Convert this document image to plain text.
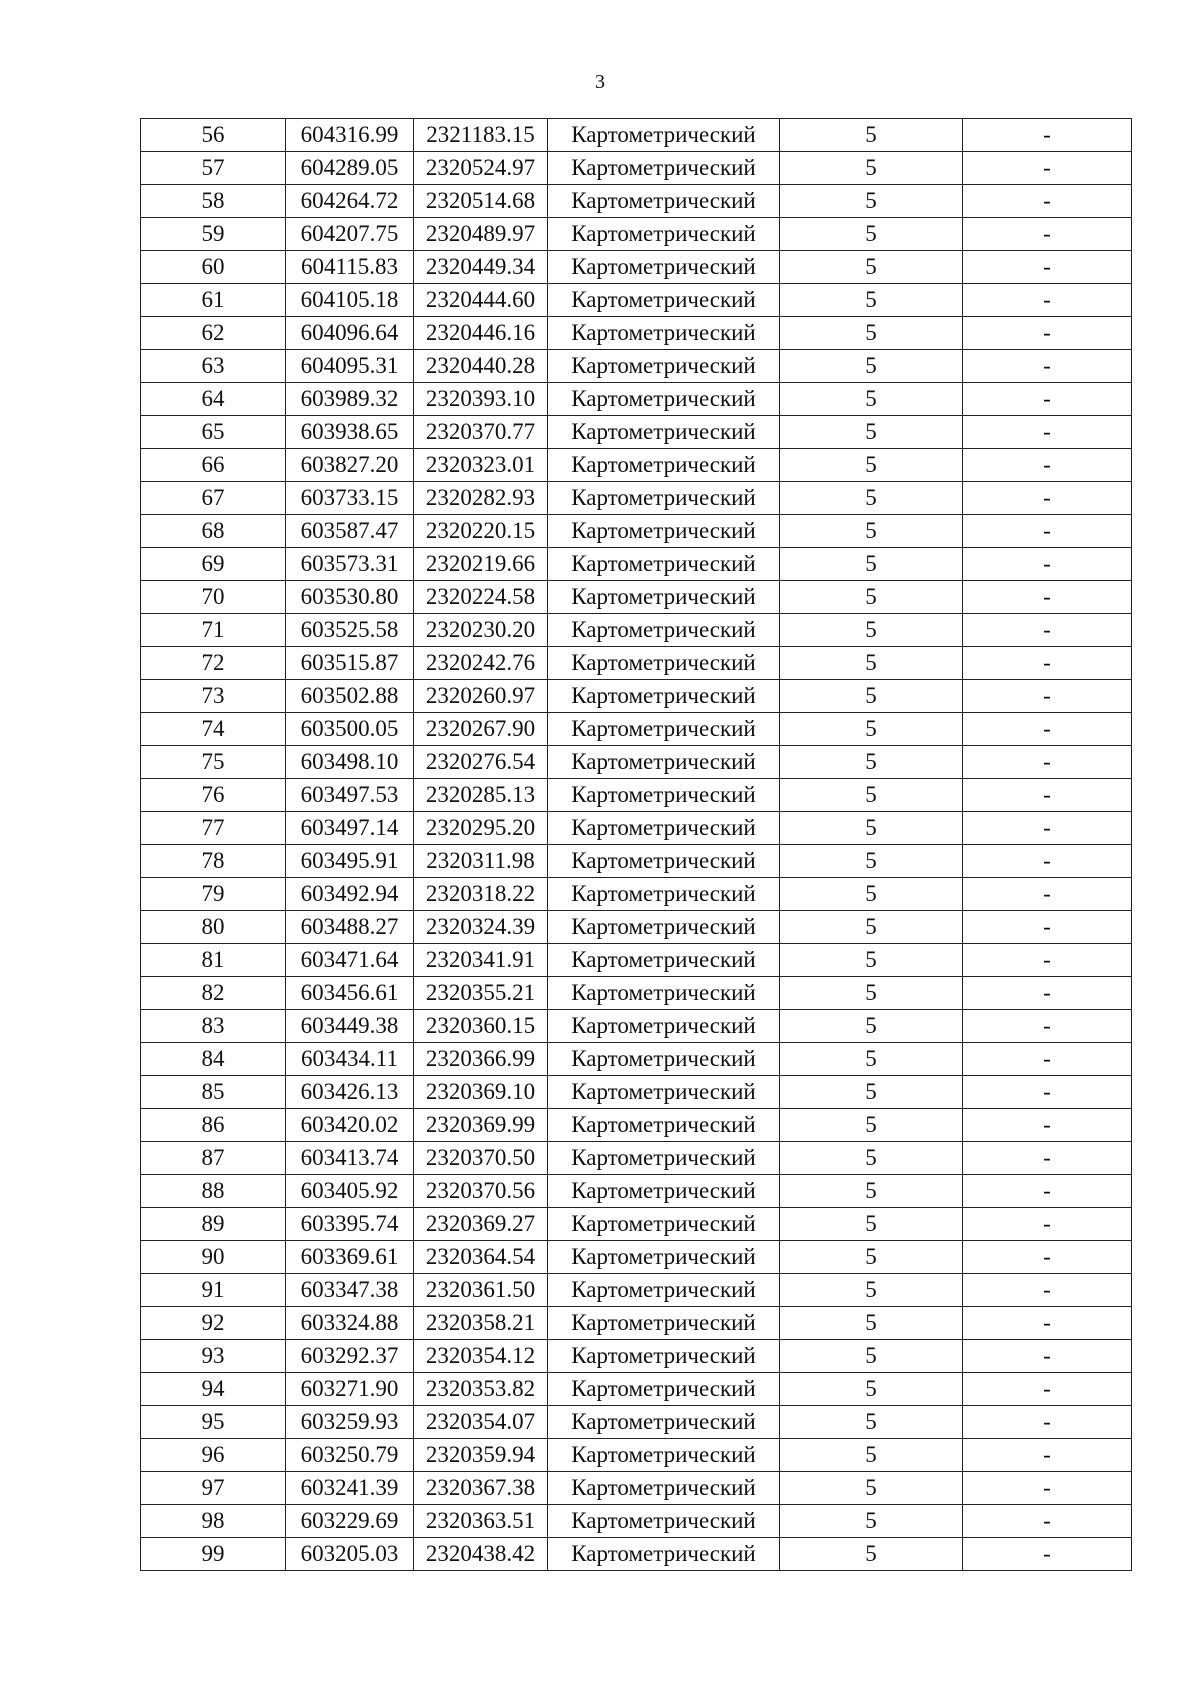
3
56	604316.99	2321183.15	Картометрический	5	-
57	604289.05	2320524.97	Картометрический	5	-
58	604264.72	2320514.68	Картометрический	5	-
59	604207.75	2320489.97	Картометрический	5	-
60	604115.83	2320449.34	Картометрический	5	-
61	604105.18	2320444.60	Картометрический	5	-
62	604096.64	2320446.16	Картометрический	5	-
63	604095.31	2320440.28	Картометрический	5	-
64	603989.32	2320393.10	Картометрический	5	-
65	603938.65	2320370.77	Картометрический	5	-
66	603827.20	2320323.01	Картометрический	5	-
67	603733.15	2320282.93	Картометрический	5	-
68	603587.47	2320220.15	Картометрический	5	-
69	603573.31	2320219.66	Картометрический	5	-
70	603530.80	2320224.58	Картометрический	5	-
71	603525.58	2320230.20	Картометрический	5	-
72	603515.87	2320242.76	Картометрический	5	-
73	603502.88	2320260.97	Картометрический	5	-
74	603500.05	2320267.90	Картометрический	5	-
75	603498.10	2320276.54	Картометрический	5	-
76	603497.53	2320285.13	Картометрический	5	-
77	603497.14	2320295.20	Картометрический	5	-
78	603495.91	2320311.98	Картометрический	5	-
79	603492.94	2320318.22	Картометрический	5	-
80	603488.27	2320324.39	Картометрический	5	-
81	603471.64	2320341.91	Картометрический	5	-
82	603456.61	2320355.21	Картометрический	5	-
83	603449.38	2320360.15	Картометрический	5	-
84	603434.11	2320366.99	Картометрический	5	-
85	603426.13	2320369.10	Картометрический	5	-
86	603420.02	2320369.99	Картометрический	5	-
87	603413.74	2320370.50	Картометрический	5	-
88	603405.92	2320370.56	Картометрический	5	-
89	603395.74	2320369.27	Картометрический	5	-
90	603369.61	2320364.54	Картометрический	5	-
91	603347.38	2320361.50	Картометрический	5	-
92	603324.88	2320358.21	Картометрический	5	-
93	603292.37	2320354.12	Картометрический	5	-
94	603271.90	2320353.82	Картометрический	5	-
95	603259.93	2320354.07	Картометрический	5	-
96	603250.79	2320359.94	Картометрический	5	-
97	603241.39	2320367.38	Картометрический	5	-
98	603229.69	2320363.51	Картометрический	5	-
99	603205.03	2320438.42	Картометрический	5	-
